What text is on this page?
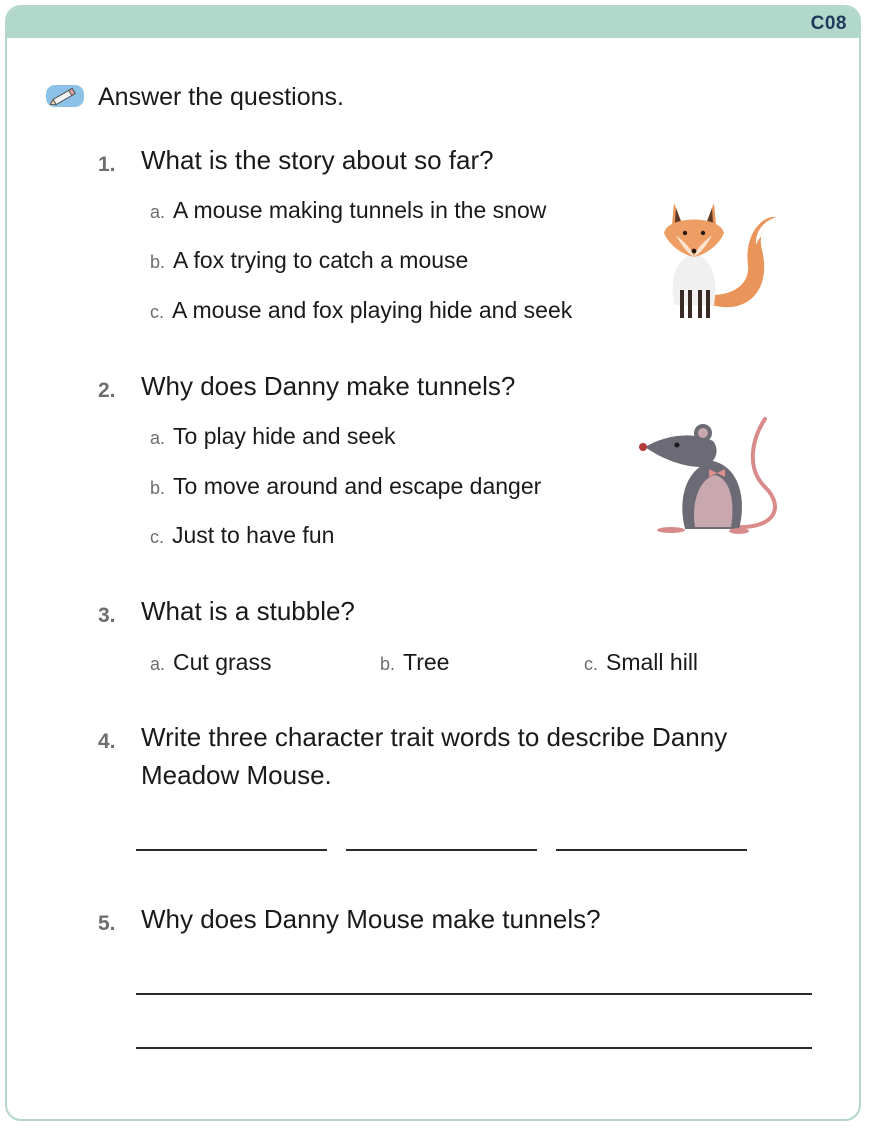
C08
Answer the questions.
1. What is the story about so far?
a. A mouse making tunnels in the snow
b. A fox trying to catch a mouse
c. A mouse and fox playing hide and seek
2. Why does Danny make tunnels?
a. To play hide and seek
b. To move around and escape danger
c. Just to have fun
3. What is a stubble?
a. Cut grass	b. Tree	c. Small hill
4. Write three character trait words to describe Danny
Meadow Mouse.
5. Why does Danny Mouse make tunnels?
